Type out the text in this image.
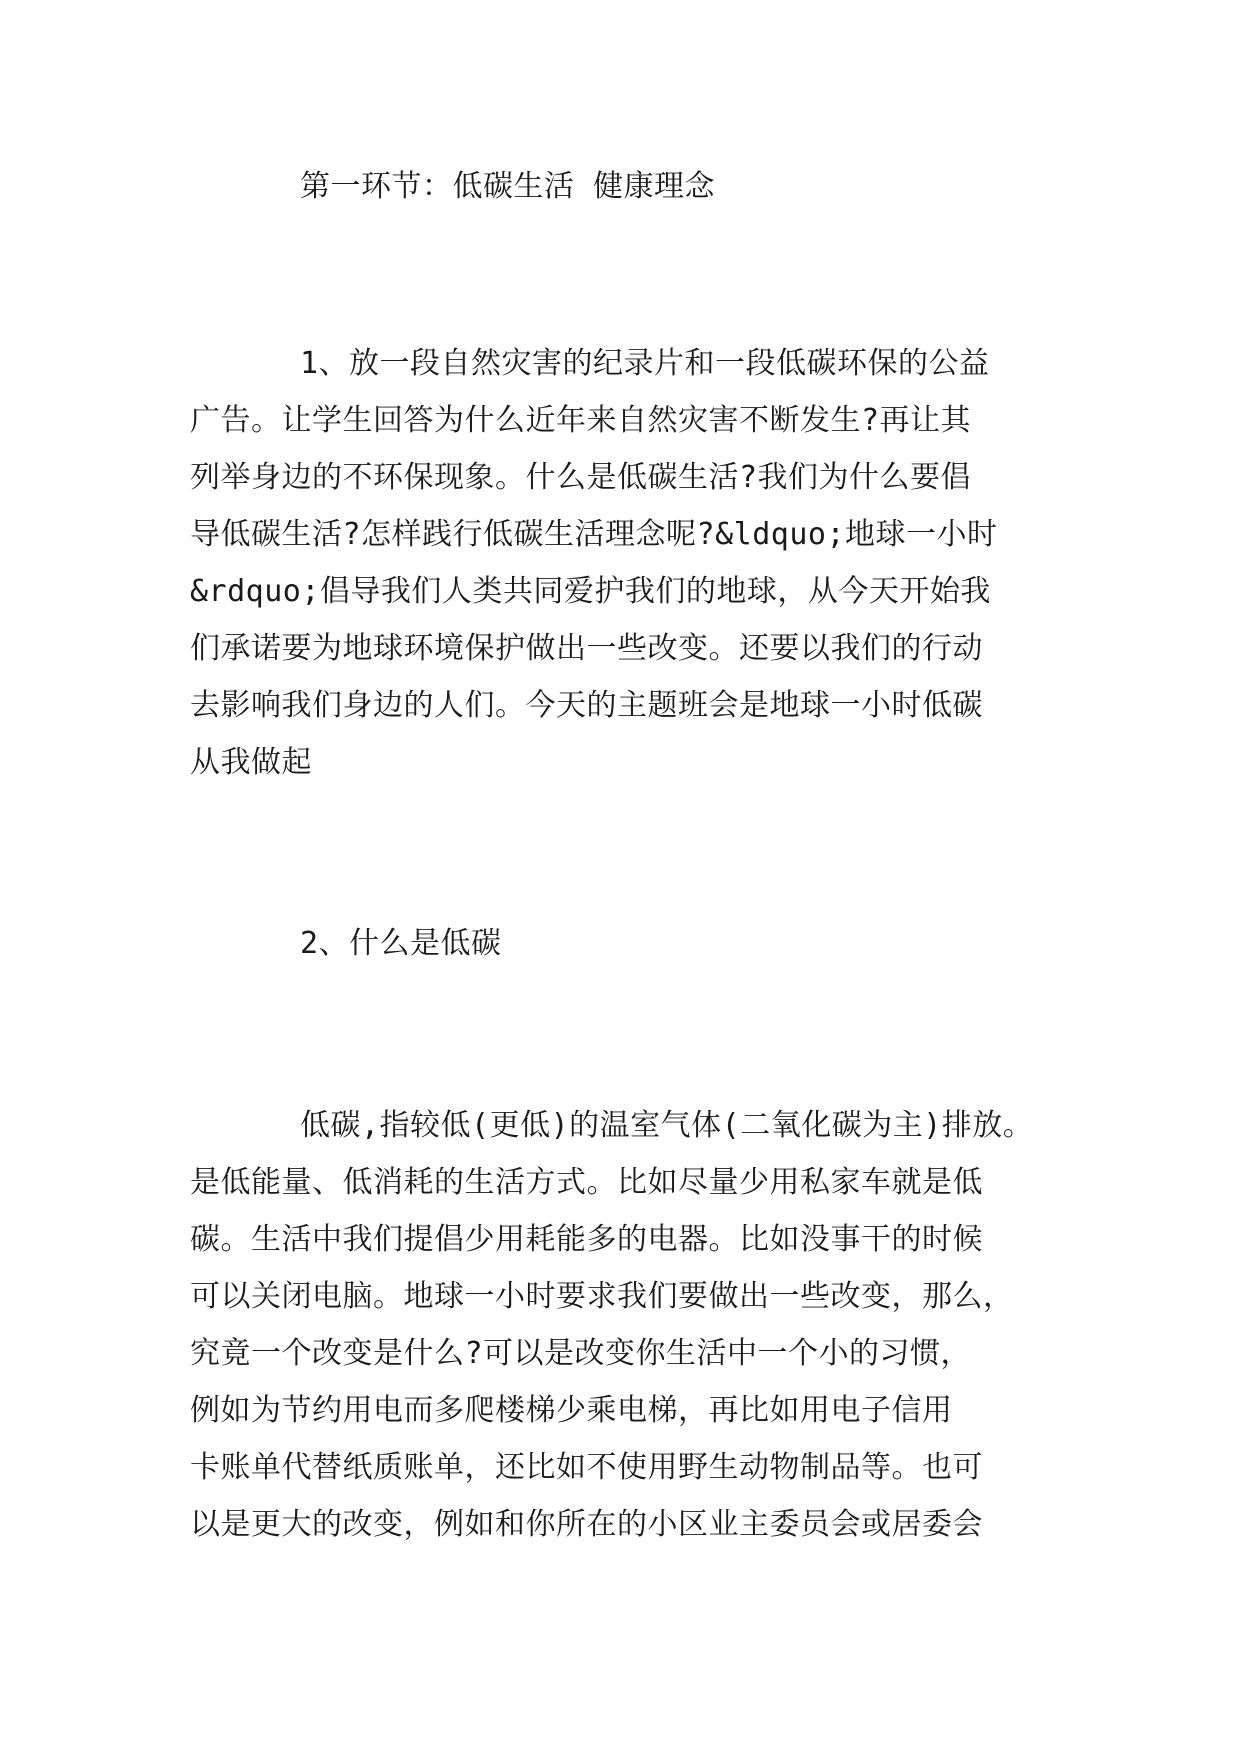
第一环节：低碳生活 健康理念
1、放一段自然灾害的纪录片和一段低碳环保的公益
广告。让学生回答为什么近年来自然灾害不断发生?再让其
列举身边的不环保现象。什么是低碳生活?我们为什么要倡
导低碳生活?怎样践行低碳生活理念呢?&ldquo;地球一小时
&rdquo;倡导我们人类共同爱护我们的地球，从今天开始我
们承诺要为地球环境保护做出一些改变。还要以我们的行动
去影响我们身边的人们。今天的主题班会是地球一小时低碳
从我做起
2、什么是低碳
低碳,指较低(更低)的温室气体(二氧化碳为主)排放。
是低能量、低消耗的生活方式。比如尽量少用私家车就是低
碳。生活中我们提倡少用耗能多的电器。比如没事干的时候
可以关闭电脑。地球一小时要求我们要做出一些改变，那么，
究竟一个改变是什么?可以是改变你生活中一个小的习惯，
例如为节约用电而多爬楼梯少乘电梯，再比如用电子信用
卡账单代替纸质账单，还比如不使用野生动物制品等。也可
以是更大的改变，例如和你所在的小区业主委员会或居委会
